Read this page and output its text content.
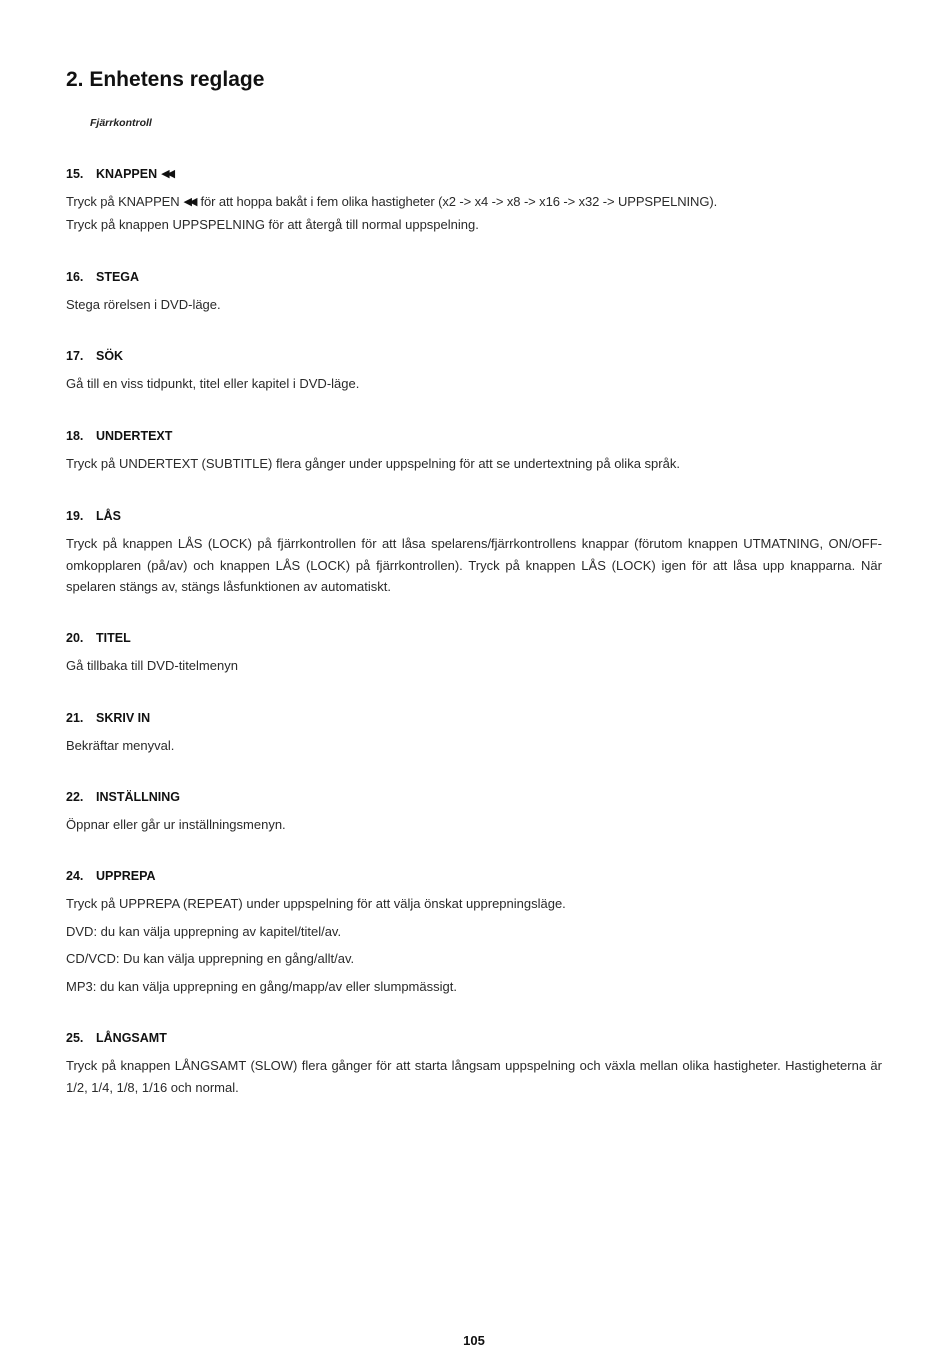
2. Enhetens reglage

Fjärrkontroll

15. KNAPPEN ◀◀

Tryck på KNAPPEN ◀◀ för att hoppa bakåt i fem olika hastigheter (x2 -> x4 -> x8 -> x16 -> x32 -> UPPSPELNING).

Tryck på knappen UPPSPELNING för att återgå till normal uppspelning.

16. STEGA

Stega rörelsen i DVD-läge.

17. SÖK

Gå till en viss tidpunkt, titel eller kapitel i DVD-läge.

18. UNDERTEXT

Tryck på UNDERTEXT (SUBTITLE) flera gånger under uppspelning för att se undertextning på olika språk.

19. LÅS

Tryck på knappen LÅS (LOCK) på fjärrkontrollen för att låsa spelarens/fjärrkontrollens knappar (förutom knappen UTMATNING, ON/OFF-omkopplaren (på/av) och knappen LÅS (LOCK) på fjärrkontrollen). Tryck på knappen LÅS (LOCK) igen för att låsa upp knapparna. När spelaren stängs av, stängs låsfunktionen av automatiskt.

20. TITEL

Gå tillbaka till DVD-titelmenyn

21. SKRIV IN

Bekräftar menyval.

22. INSTÄLLNING

Öppnar eller går ur inställningsmenyn.

24. UPPREPA

Tryck på UPPREPA (REPEAT) under uppspelning för att välja önskat upprepningsläge.

DVD: du kan välja upprepning av kapitel/titel/av.

CD/VCD: Du kan välja upprepning en gång/allt/av.

MP3: du kan välja upprepning en gång/mapp/av eller slumpmässigt.

25. LÅNGSAMT

Tryck på knappen LÅNGSAMT (SLOW) flera gånger för att starta långsam uppspelning och växla mellan olika hastigheter. Hastigheterna är 1/2, 1/4, 1/8, 1/16 och normal.

105
